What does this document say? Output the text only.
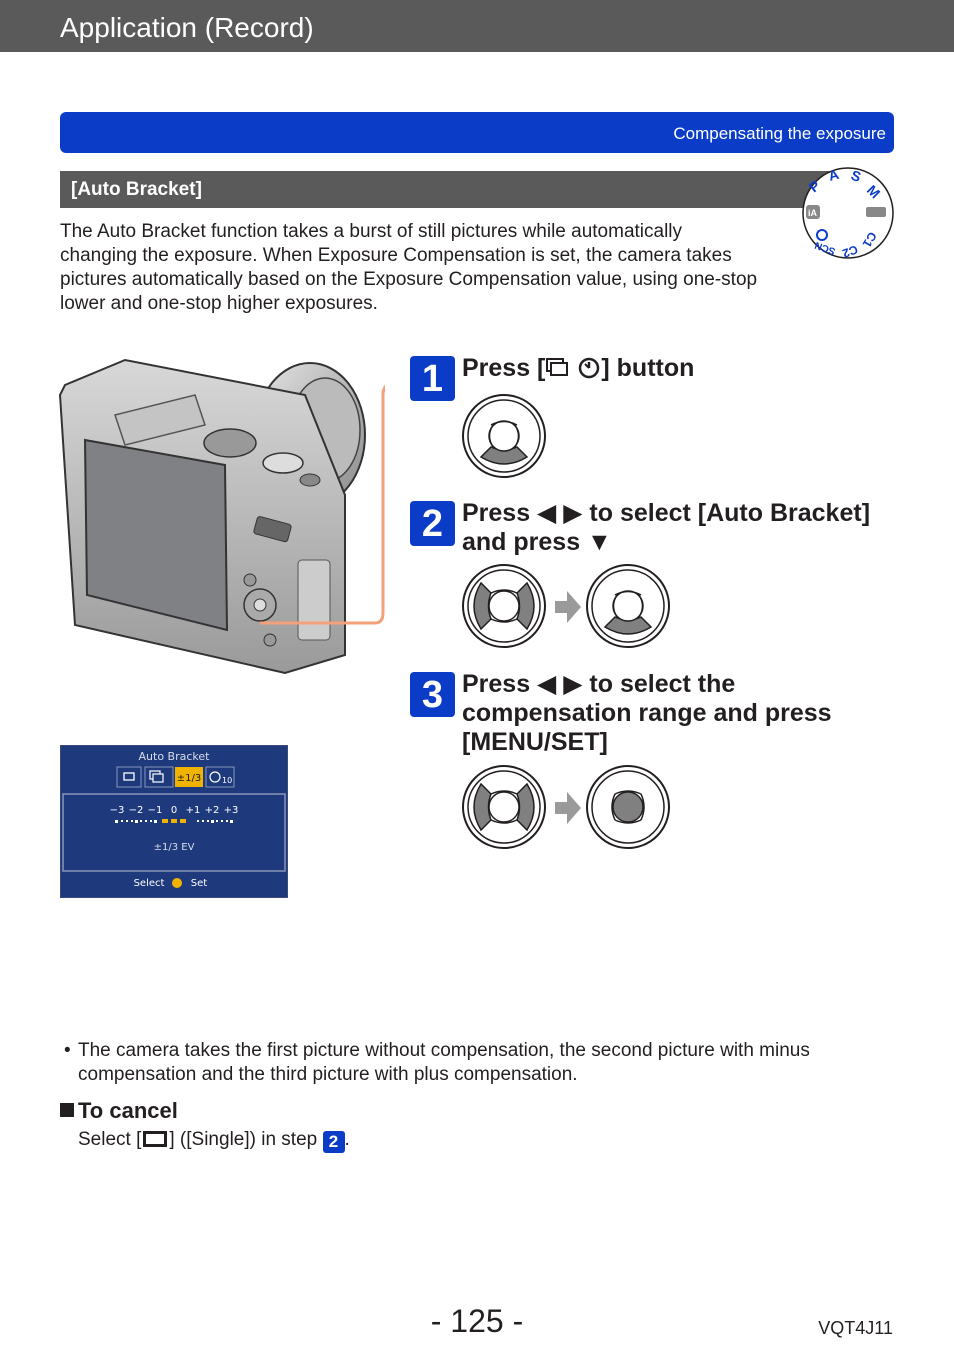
Application (Record)
Compensating the exposure
[Auto Bracket]	P
A S
M
C1
C2
SCN
iA
The Auto Bracket function takes a burst of still pictures while automatically changing the exposure. When Exposure Compensation is set, the camera takes pictures automatically based on the Exposure Compensation value, using one-stop lower and one-stop higher exposures.
1 Press [ ] button
2 Press ◀ ▶ to select [Auto Bracket] and press ▼
3 Press ◀ ▶ to select the compensation range and press [MENU/SET]
Auto Bracket
±1/3	10
−3 −2 −1 0 +1 +2 +3
±1/3 EV
Select	Set
• The camera takes the first picture without compensation, the second picture with minus compensation and the third picture with plus compensation.
To cancel
Select [ ] ([Single]) in step 2 .
- 125 -	VQT4J11
